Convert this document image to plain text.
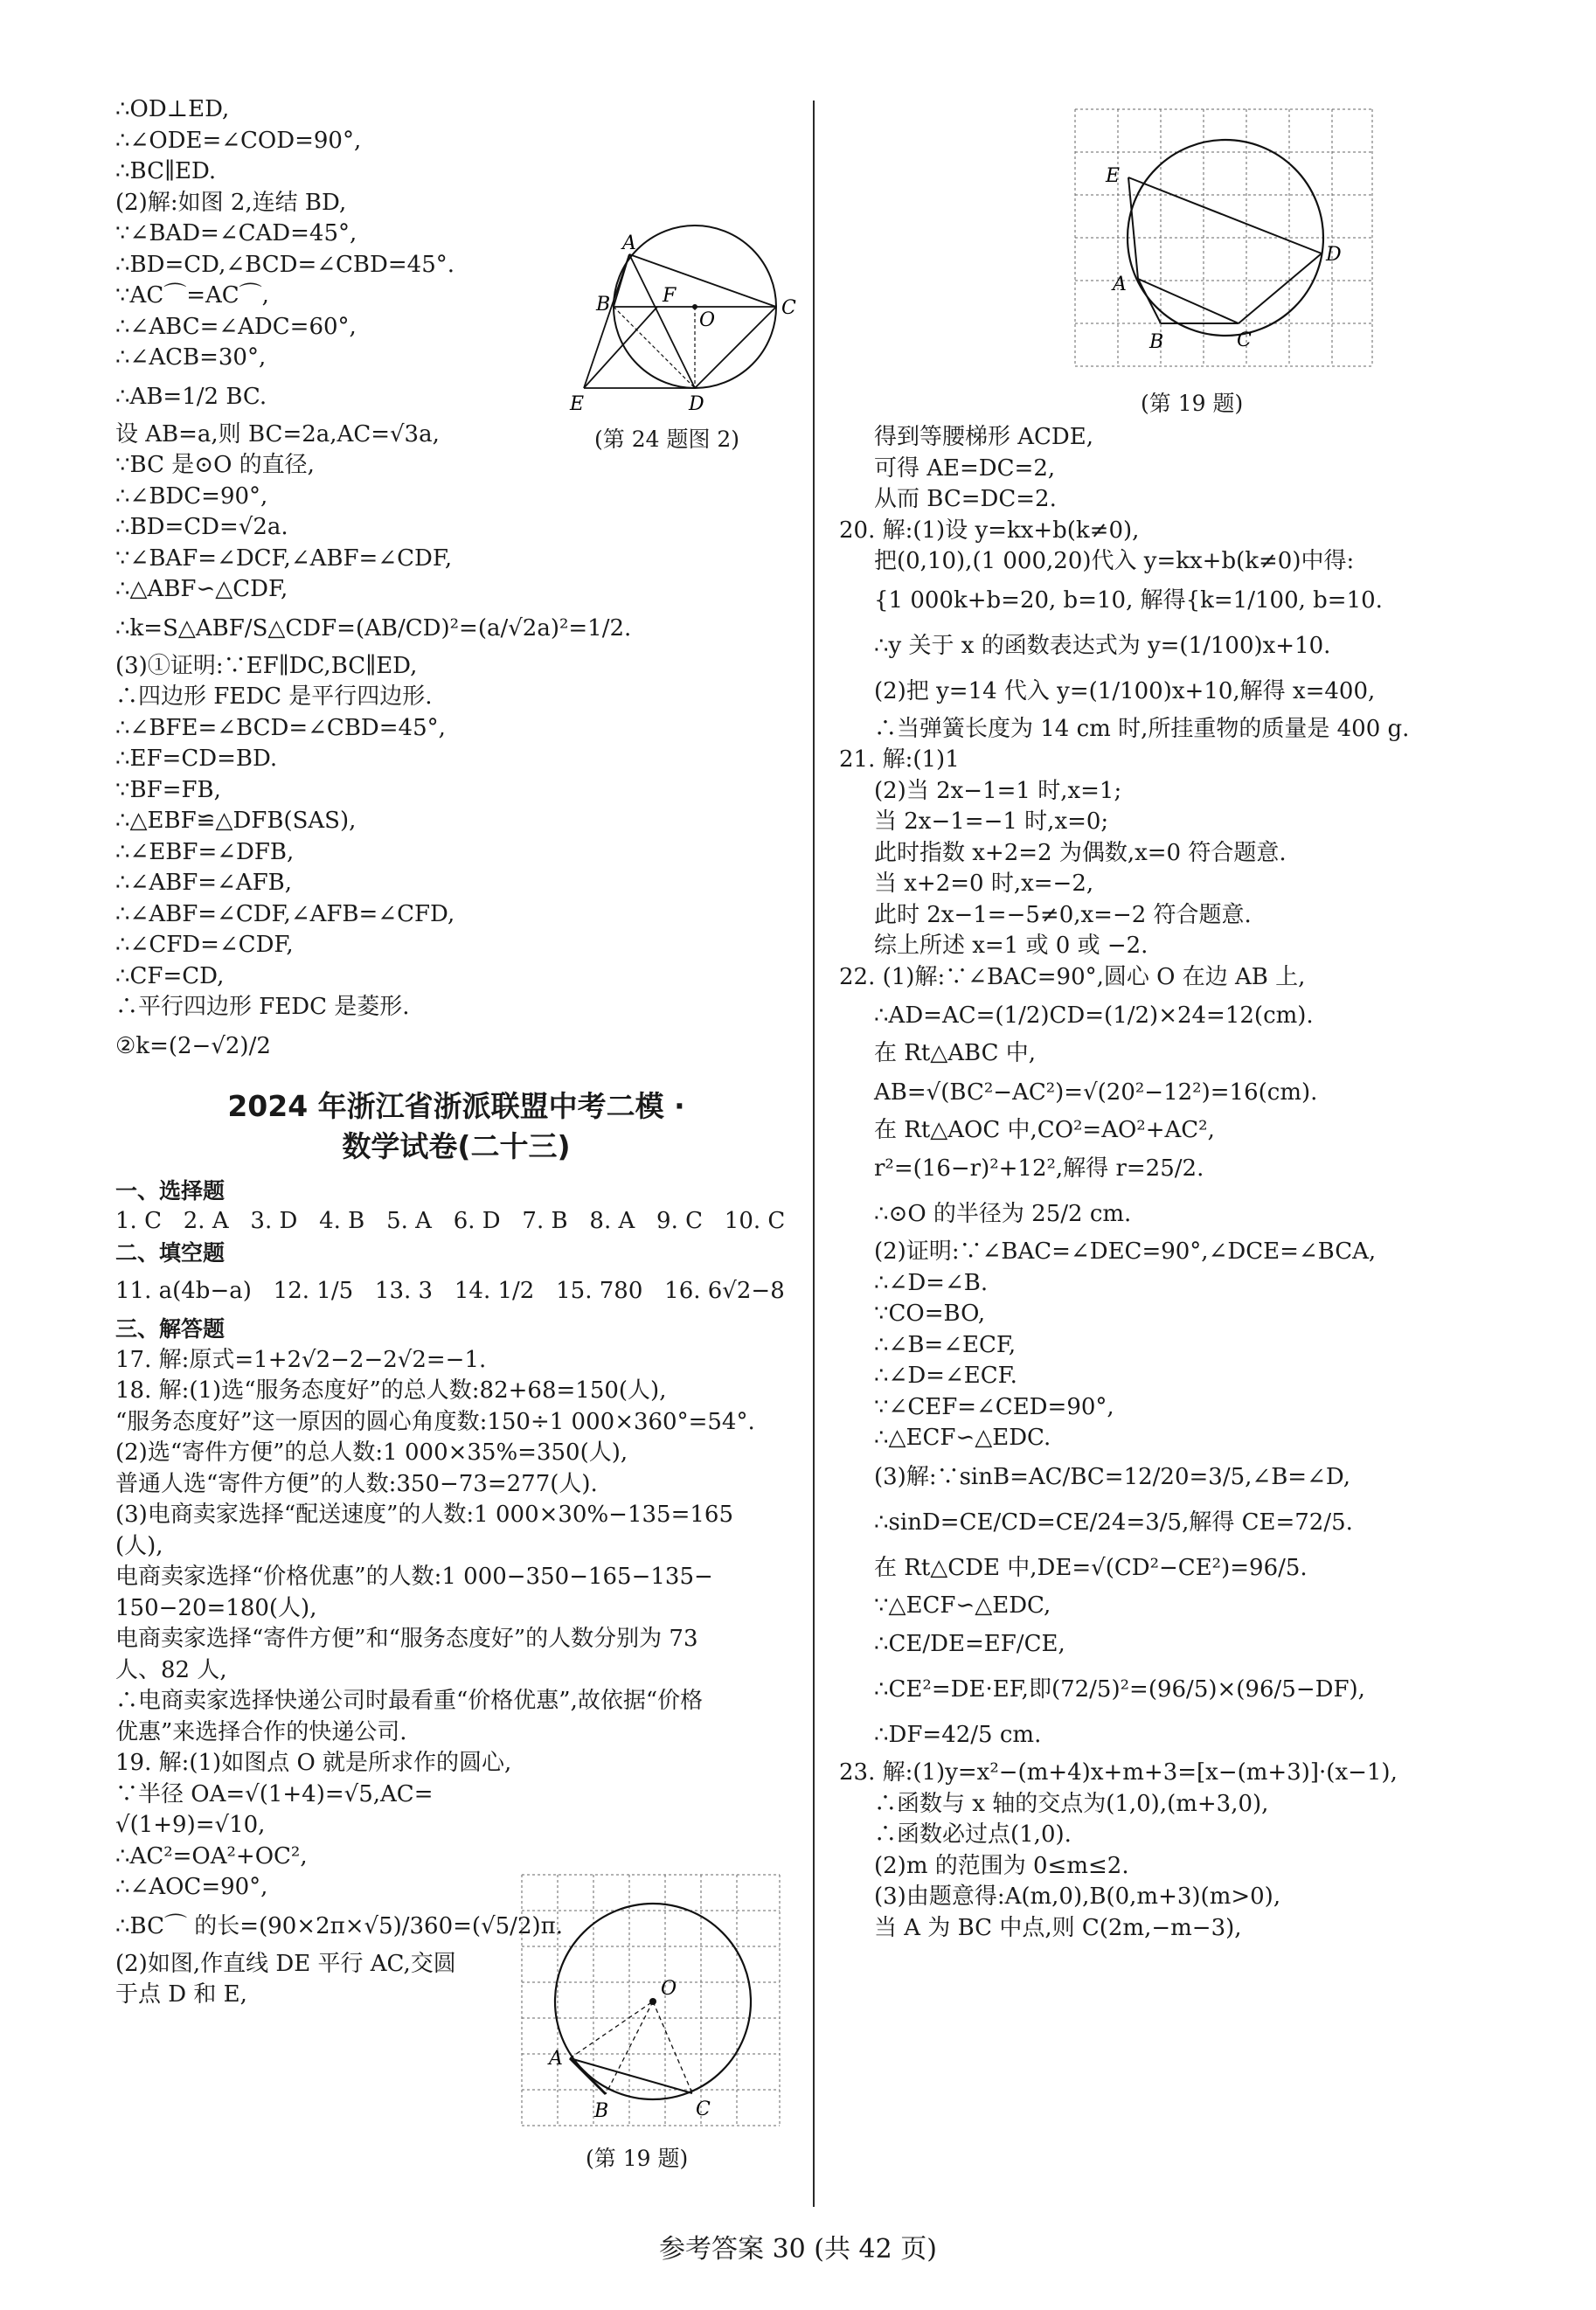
∴OD⊥ED,
∴∠ODE=∠COD=90°,
∴BC∥ED.
(2)解:如图 2,连结 BD,
∵∠BAD=∠CAD=45°,
∴BD=CD,∠BCD=∠CBD=45°.
∵AC⌒=AC⌒,
∴∠ABC=∠ADC=60°,
∴∠ACB=30°,
∴AB=1/2 BC.
设 AB=a,则 BC=2a,AC=√3a,
∵BC 是⊙O 的直径,
∴∠BDC=90°,
∴BD=CD=√2a.
∵∠BAF=∠DCF,∠ABF=∠CDF,
∴△ABF∽△CDF,
∴k=S△ABF/S△CDF=(AB/CD)²=(a/√2a)²=1/2.
(3)①证明:∵EF∥DC,BC∥ED,
∴四边形 FEDC 是平行四边形.
∴∠BFE=∠BCD=∠CBD=45°,
∴EF=CD=BD.
∵BF=FB,
∴△EBF≌△DFB(SAS),
∴∠EBF=∠DFB,
∴∠ABF=∠AFB,
∴∠ABF=∠CDF,∠AFB=∠CFD,
∴∠CFD=∠CDF,
∴CF=CD,
∴平行四边形 FEDC 是菱形.
②k=(2−√2)/2
2024 年浙江省浙派联盟中考二模 ·
数学试卷(二十三)
一、选择题
1. C   2. A   3. D   4. B   5. A   6. D   7. B   8. A   9. C   10. C
二、填空题
11. a(4b−a)   12. 1/5   13. 3   14. 1/2   15. 780   16. 6√2−8
三、解答题
17. 解:原式=1+2√2−2−2√2=−1.
18. 解:(1)选“服务态度好”的总人数:82+68=150(人),
“服务态度好”这一原因的圆心角度数:150÷1 000×360°=54°.
(2)选“寄件方便”的总人数:1 000×35%=350(人),
普通人选“寄件方便”的人数:350−73=277(人).
(3)电商卖家选择“配送速度”的人数:1 000×30%−135=165
(人),
电商卖家选择“价格优惠”的人数:1 000−350−165−135−
150−20=180(人),
电商卖家选择“寄件方便”和“服务态度好”的人数分别为 73
人、82 人,
∴电商卖家选择快递公司时最看重“价格优惠”,故依据“价格
优惠”来选择合作的快递公司.
19. 解:(1)如图点 O 就是所求作的圆心,
∵半径 OA=√(1+4)=√5,AC=
√(1+9)=√10,
∴AC²=OA²+OC²,
∴∠AOC=90°,
∴BC⌒ 的长=(90×2π×√5)/360=(√5/2)π.
(2)如图,作直线 DE 平行 AC,交圆
于点 D 和 E,
A
B	C
D
E
F
O
(第 24 题图 2)
E
D
A
B	C
(第 19 题)
得到等腰梯形 ACDE,
可得 AE=DC=2,
从而 BC=DC=2.
20. 解:(1)设 y=kx+b(k≠0),
把(0,10),(1 000,20)代入 y=kx+b(k≠0)中得:
{1 000k+b=20, b=10, 解得{k=1/100, b=10.
∴y 关于 x 的函数表达式为 y=(1/100)x+10.
(2)把 y=14 代入 y=(1/100)x+10,解得 x=400,
∴当弹簧长度为 14 cm 时,所挂重物的质量是 400 g.
21. 解:(1)1
(2)当 2x−1=1 时,x=1;
当 2x−1=−1 时,x=0;
此时指数 x+2=2 为偶数,x=0 符合题意.
当 x+2=0 时,x=−2,
此时 2x−1=−5≠0,x=−2 符合题意.
综上所述 x=1 或 0 或 −2.
22. (1)解:∵∠BAC=90°,圆心 O 在边 AB 上,
∴AD=AC=(1/2)CD=(1/2)×24=12(cm).
在 Rt△ABC 中,
AB=√(BC²−AC²)=√(20²−12²)=16(cm).
在 Rt△AOC 中,CO²=AO²+AC²,
r²=(16−r)²+12²,解得 r=25/2.
∴⊙O 的半径为 25/2 cm.
(2)证明:∵∠BAC=∠DEC=90°,∠DCE=∠BCA,
∴∠D=∠B.
∵CO=BO,
∴∠B=∠ECF,
∴∠D=∠ECF.
∵∠CEF=∠CED=90°,
∴△ECF∽△EDC.
(3)解:∵sinB=AC/BC=12/20=3/5,∠B=∠D,
∴sinD=CE/CD=CE/24=3/5,解得 CE=72/5.
在 Rt△CDE 中,DE=√(CD²−CE²)=96/5.
∵△ECF∽△EDC,
∴CE/DE=EF/CE,
∴CE²=DE·EF,即(72/5)²=(96/5)×(96/5−DF),
∴DF=42/5 cm.
23. 解:(1)y=x²−(m+4)x+m+3=[x−(m+3)]·(x−1),
∴函数与 x 轴的交点为(1,0),(m+3,0),
∴函数必过点(1,0).
(2)m 的范围为 0≤m≤2.
(3)由题意得:A(m,0),B(0,m+3)(m>0),
当 A 为 BC 中点,则 C(2m,−m−3),
O
A
B	C
(第 19 题)
参考答案 30 (共 42 页)
